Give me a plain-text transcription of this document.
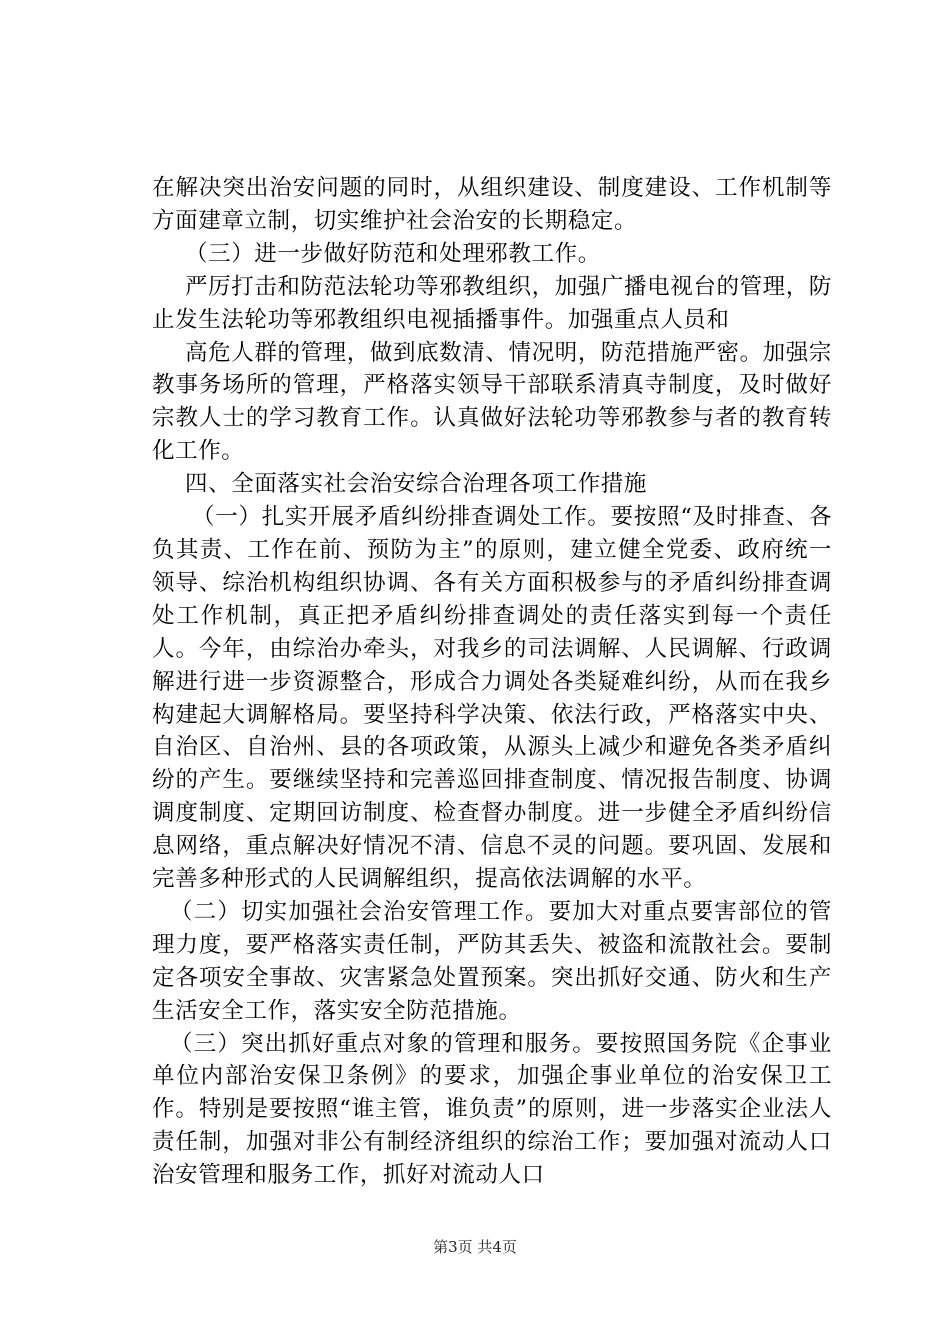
在解决突出治安问题的同时，从组织建设、制度建设、工作机制等方面建章立制，切实维护社会治安的长期稳定。

（三）进一步做好防范和处理邪教工作。

严厉打击和防范法轮功等邪教组织，加强广播电视台的管理，防止发生法轮功等邪教组织电视插播事件。加强重点人员和

高危人群的管理，做到底数清、情况明，防范措施严密。加强宗教事务场所的管理，严格落实领导干部联系清真寺制度，及时做好宗教人士的学习教育工作。认真做好法轮功等邪教参与者的教育转化工作。

四、全面落实社会治安综合治理各项工作措施

（一）扎实开展矛盾纠纷排查调处工作。要按照“及时排查、各负其责、工作在前、预防为主”的原则，建立健全党委、政府统一领导、综治机构组织协调、各有关方面积极参与的矛盾纠纷排查调处工作机制，真正把矛盾纠纷排查调处的责任落实到每一个责任人。今年，由综治办牵头，对我乡的司法调解、人民调解、行政调解进行进一步资源整合，形成合力调处各类疑难纠纷，从而在我乡构建起大调解格局。要坚持科学决策、依法行政，严格落实中央、自治区、自治州、县的各项政策，从源头上减少和避免各类矛盾纠纷的产生。要继续坚持和完善巡回排查制度、情况报告制度、协调调度制度、定期回访制度、检查督办制度。进一步健全矛盾纠纷信息网络，重点解决好情况不清、信息不灵的问题。要巩固、发展和完善多种形式的人民调解组织，提高依法调解的水平。

（二）切实加强社会治安管理工作。要加大对重点要害部位的管理力度，要严格落实责任制，严防其丢失、被盗和流散社会。要制定各项安全事故、灾害紧急处置预案。突出抓好交通、防火和生产生活安全工作，落实安全防范措施。

（三）突出抓好重点对象的管理和服务。要按照国务院《企事业单位内部治安保卫条例》的要求，加强企事业单位的治安保卫工作。特别是要按照“谁主管，谁负责”的原则，进一步落实企业法人责任制，加强对非公有制经济组织的综治工作；要加强对流动人口治安管理和服务工作，抓好对流动人口

第3页 共4页
